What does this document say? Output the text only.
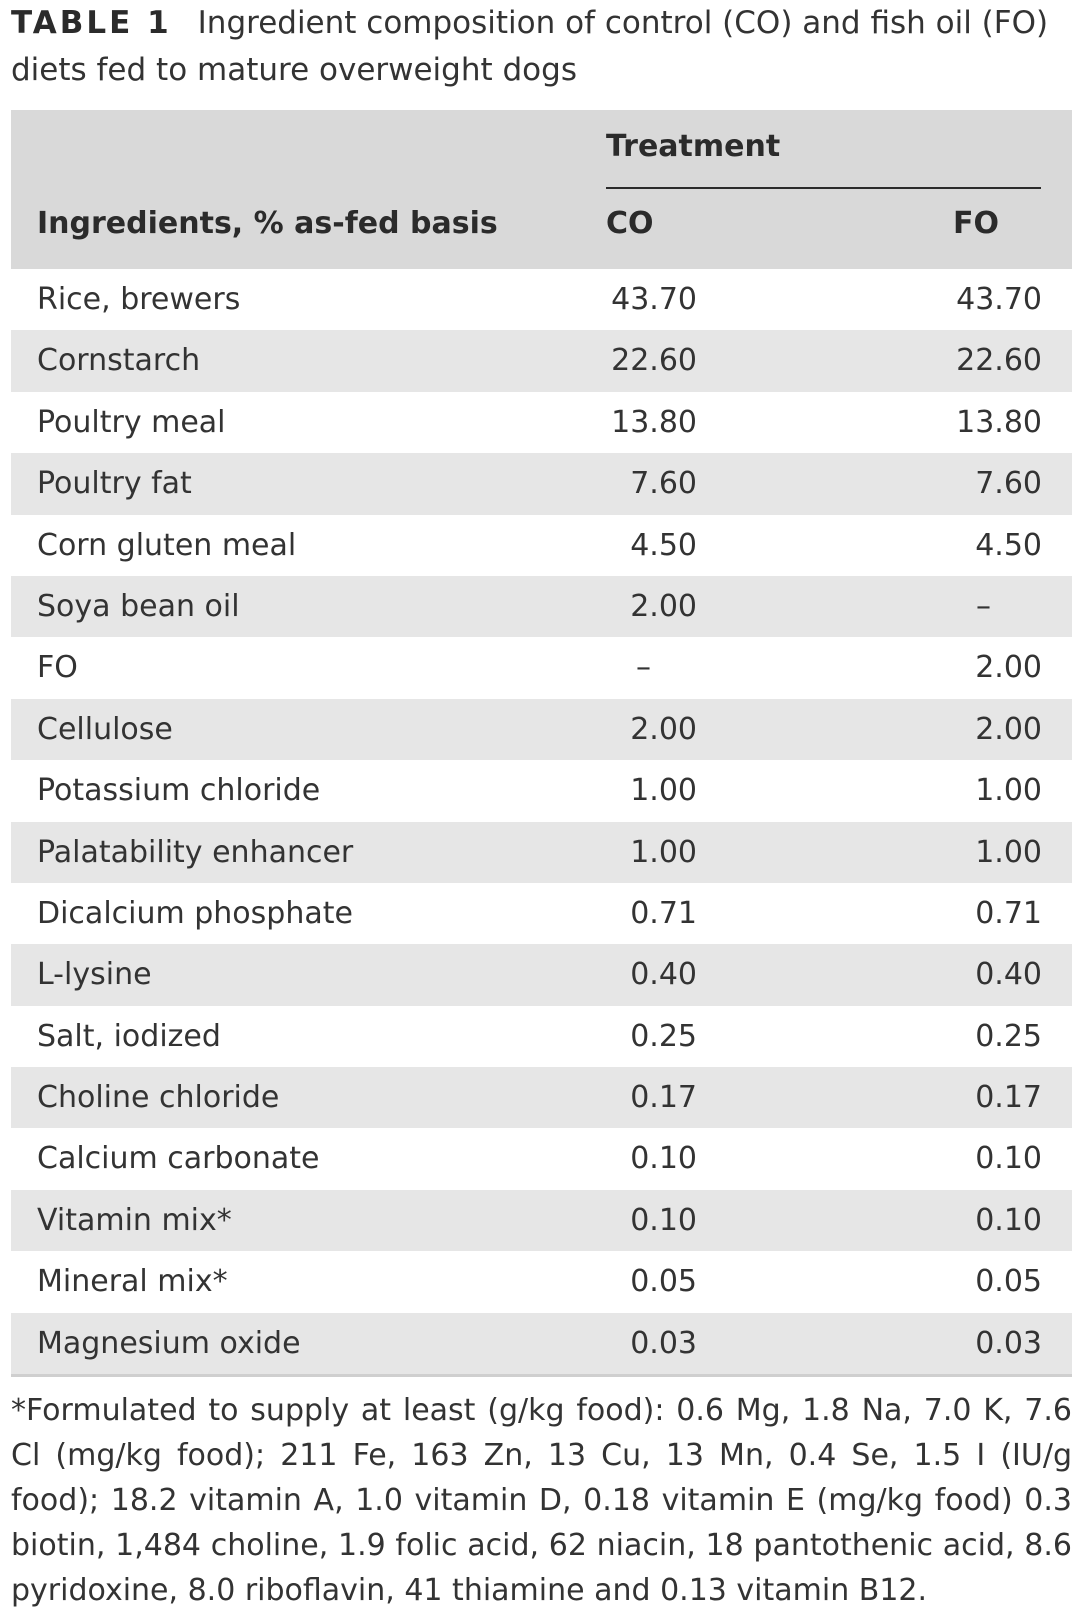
TABLE 1 Ingredient composition of control (CO) and fish oil (FO) diets fed to mature overweight dogs
Treatment
Ingredients, % as-fed basis	CO	FO
Rice, brewers	43.70	43.70
Cornstarch	22.60	22.60
Poultry meal	13.80	13.80
Poultry fat	7.60	7.60
Corn gluten meal	4.50	4.50
Soya bean oil	2.00	–
FO	–	2.00
Cellulose	2.00	2.00
Potassium chloride	1.00	1.00
Palatability enhancer	1.00	1.00
Dicalcium phosphate	0.71	0.71
L-lysine	0.40	0.40
Salt, iodized	0.25	0.25
Choline chloride	0.17	0.17
Calcium carbonate	0.10	0.10
Vitamin mix*	0.10	0.10
Mineral mix*	0.05	0.05
Magnesium oxide	0.03	0.03
*Formulated to supply at least (g/kg food): 0.6 Mg, 1.8 Na, 7.0 K, 7.6 Cl (mg/kg food); 211 Fe, 163 Zn, 13 Cu, 13 Mn, 0.4 Se, 1.5 I (IU/g food); 18.2 vitamin A, 1.0 vitamin D, 0.18 vitamin E (mg/kg food) 0.3 biotin, 1,484 choline, 1.9 folic acid, 62 niacin, 18 pantothenic acid, 8.6 pyridoxine, 8.0 riboflavin, 41 thiamine and 0.13 vitamin B12.
